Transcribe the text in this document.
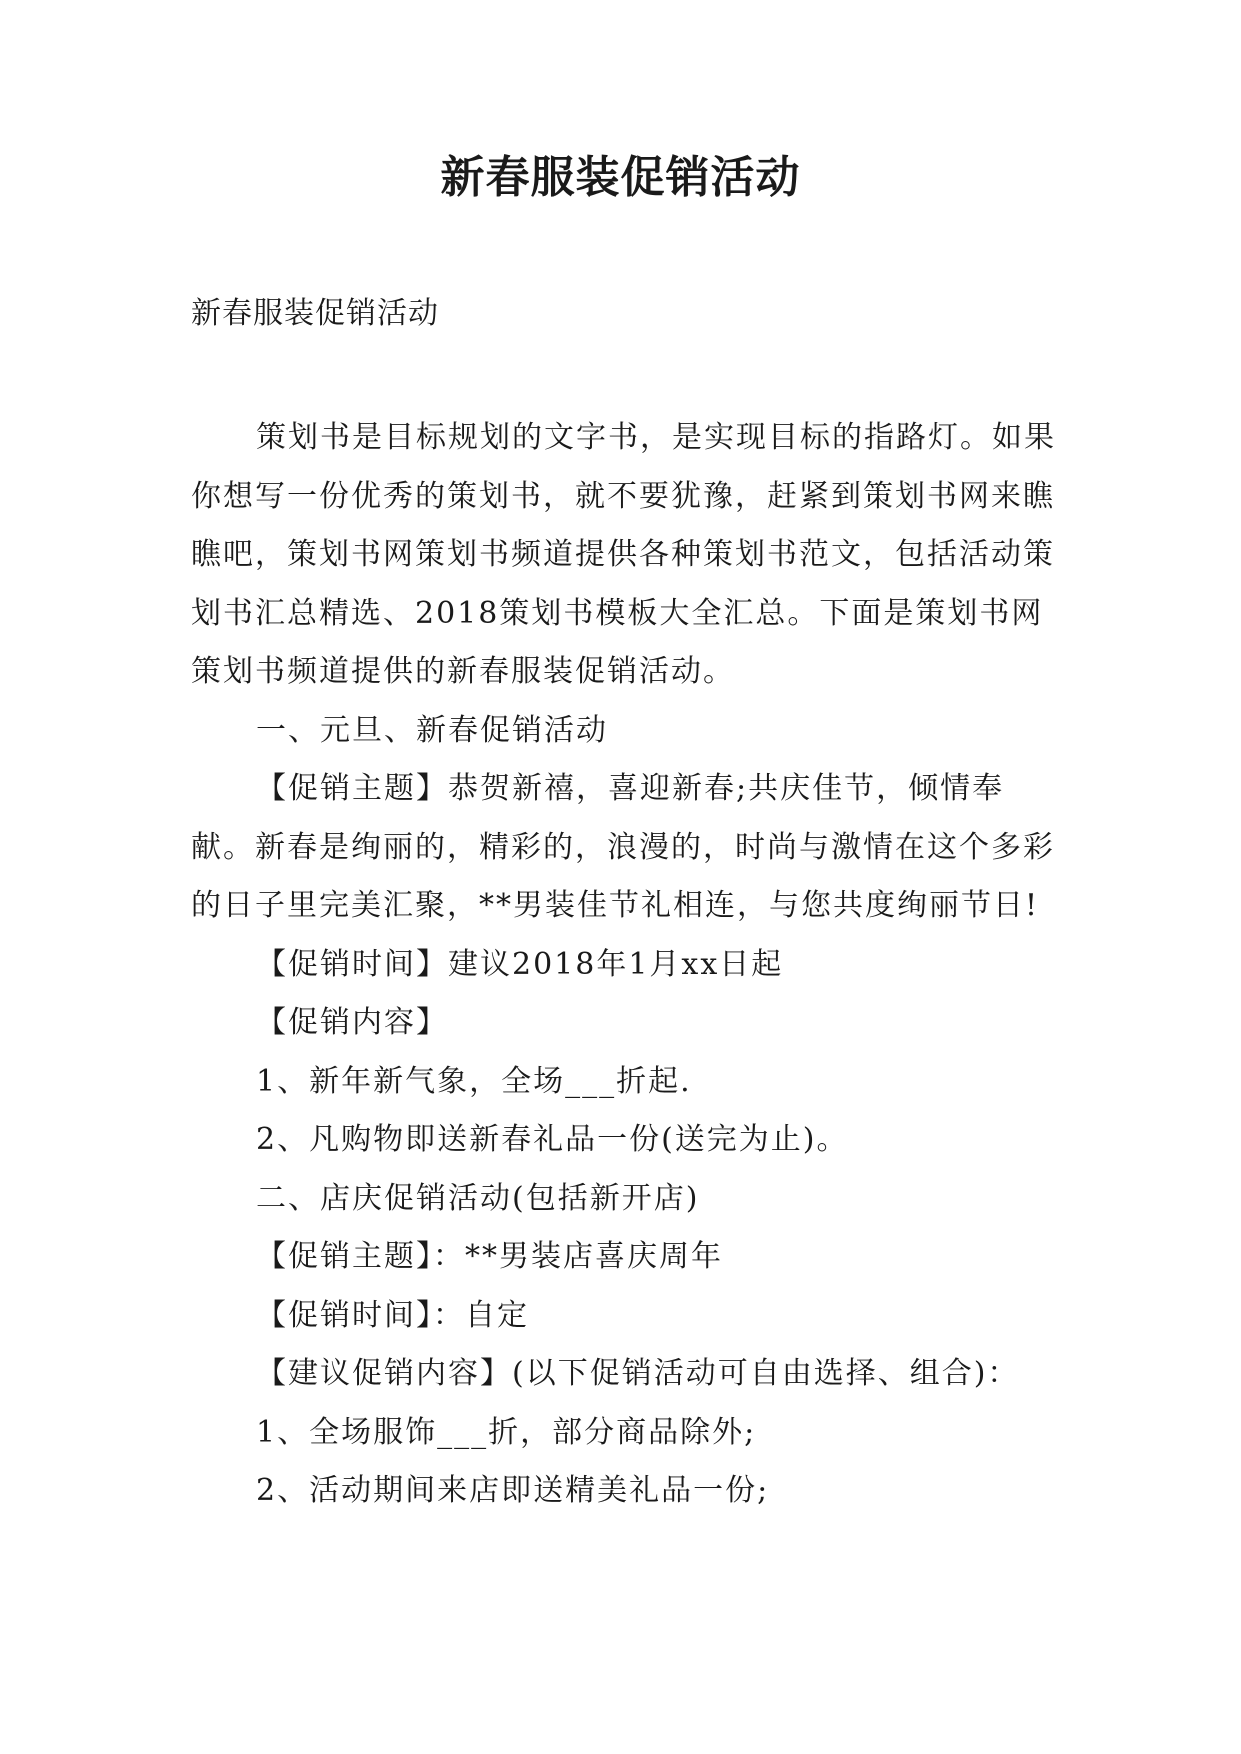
新春服装促销活动

新春服装促销活动

策划书是目标规划的文字书，是实现目标的指路灯。如果你想写一份优秀的策划书，就不要犹豫，赶紧到策划书网来瞧瞧吧，策划书网策划书频道提供各种策划书范文，包括活动策划书汇总精选、2018策划书模板大全汇总。下面是策划书网策划书频道提供的新春服装促销活动。

一、元旦、新春促销活动

【促销主题】恭贺新禧，喜迎新春;共庆佳节，倾情奉献。新春是绚丽的，精彩的，浪漫的，时尚与激情在这个多彩的日子里完美汇聚，**男装佳节礼相连，与您共度绚丽节日!

【促销时间】建议2018年1月xx日起

【促销内容】

1、新年新气象，全场___折起.

2、凡购物即送新春礼品一份(送完为止)。

二、店庆促销活动(包括新开店)

【促销主题】：**男装店喜庆周年

【促销时间】：自定

【建议促销内容】(以下促销活动可自由选择、组合)：

1、全场服饰___折，部分商品除外;

2、活动期间来店即送精美礼品一份;
